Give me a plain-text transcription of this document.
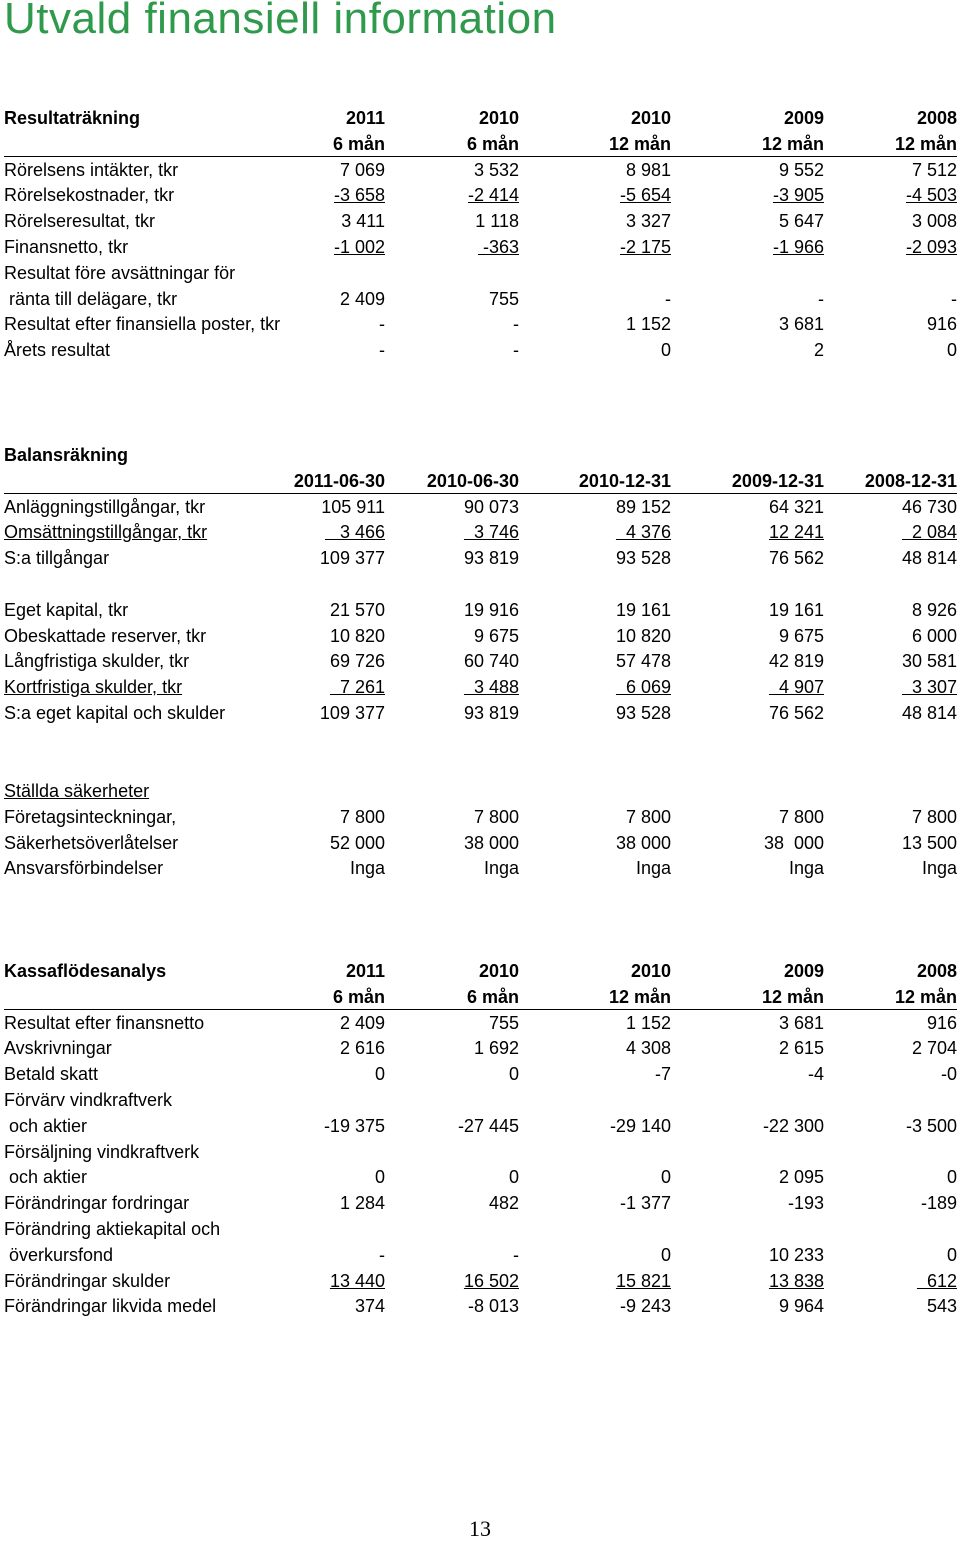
Utvald finansiell information
Resultaträkning	2011	2010	2010	2009	2008
6 mån	6 mån	12 mån	12 mån	12 mån
Rörelsens intäkter, tkr	7 069	3 532	8 981	9 552	7 512
Rörelsekostnader, tkr	-3 658	-2 414	-5 654	-3 905	-4 503
Rörelseresultat, tkr	3 411	1 118	3 327	5 647	3 008
Finansnetto, tkr	-1 002	-363	-2 175	-1 966	-2 093
Resultat före avsättningar för
ränta till delägare, tkr	2 409	755	-	-	-
Resultat efter finansiella poster, tkr	-	-	1 152	3 681	916
Årets resultat	-	-	0	2	0
Balansräkning
2011-06-30 2010-06-30	2010-12-31	2009-12-31 2008-12-31
Anläggningstillgångar, tkr	105 911	90 073	89 152	64 321	46 730
Omsättningstillgångar, tkr	3 466	3 746	4 376	12 241	2 084
S:a tillgångar	109 377	93 819	93 528	76 562	48 814
Eget kapital, tkr	21 570	19 916	19 161	19 161	8 926
Obeskattade reserver, tkr	10 820	9 675	10 820	9 675	6 000
Långfristiga skulder, tkr	69 726	60 740	57 478	42 819	30 581
Kortfristiga skulder, tkr	7 261	3 488	6 069	4 907	3 307
S:a eget kapital och skulder	109 377	93 819	93 528	76 562	48 814
Ställda säkerheter
Företagsinteckningar,	7 800	7 800	7 800	7 800	7 800
Säkerhetsöverlåtelser	52 000	38 000	38 000	38  000	13 500
Ansvarsförbindelser	Inga	Inga	Inga	Inga	Inga
Kassaflödesanalys	2011	2010	2010	2009	2008
6 mån	6 mån	12 mån	12 mån	12 mån
Resultat efter finansnetto	2 409	755	1 152	3 681	916
Avskrivningar	2 616	1 692	4 308	2 615	2 704
Betald skatt	0	0	-7	-4	-0
Förvärv vindkraftverk
och aktier	-19 375	-27 445	-29 140	-22 300	-3 500
Försäljning vindkraftverk
och aktier	0	0	0	2 095	0
Förändringar fordringar	1 284	482	-1 377	-193	-189
Förändring aktiekapital och
överkursfond	-	-	0	10 233	0
Förändringar skulder	13 440	16 502	15 821	13 838	612
Förändringar likvida medel	374	-8 013	-9 243	9 964	543
13
